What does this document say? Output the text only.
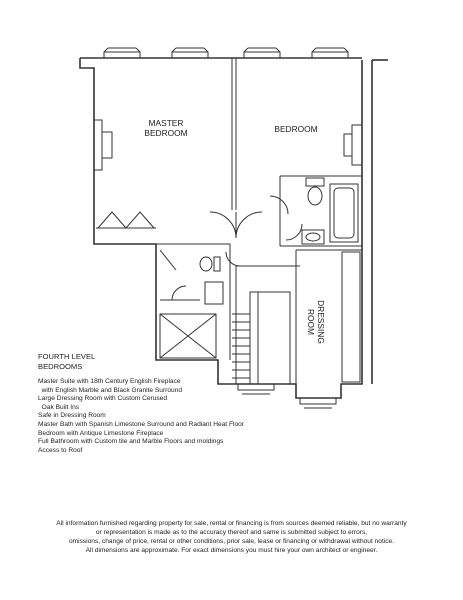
MASTER
BEDROOM	BEDROOM
DRESSING ROOM
FOURTH LEVEL
BEDROOMS
Master Suite with 18th Century English Fireplace
with English Marble and Black Granite Surround
Large Dressing Room with Custom Cerused
Oak Built Ins
Safe in Dressing Room
Master Bath with Spanish Limestone Surround and Radiant Heat Floor
Bedroom with Antique Limestone Fireplace
Full Bathroom with Custom tile and Marble Floors and moldings
Access to Roof
All information furnished regarding property for sale, rental or financing is from sources deemed reliable, but no warranty
or representation is made as to the accuracy thereof and same is submitted subject to errors,
omissions, change of price, rental or other conditions, prior sale, lease or financing or withdrawal without notice.
All dimensions are approximate. For exact dimensions you must hire your own architect or engineer.
